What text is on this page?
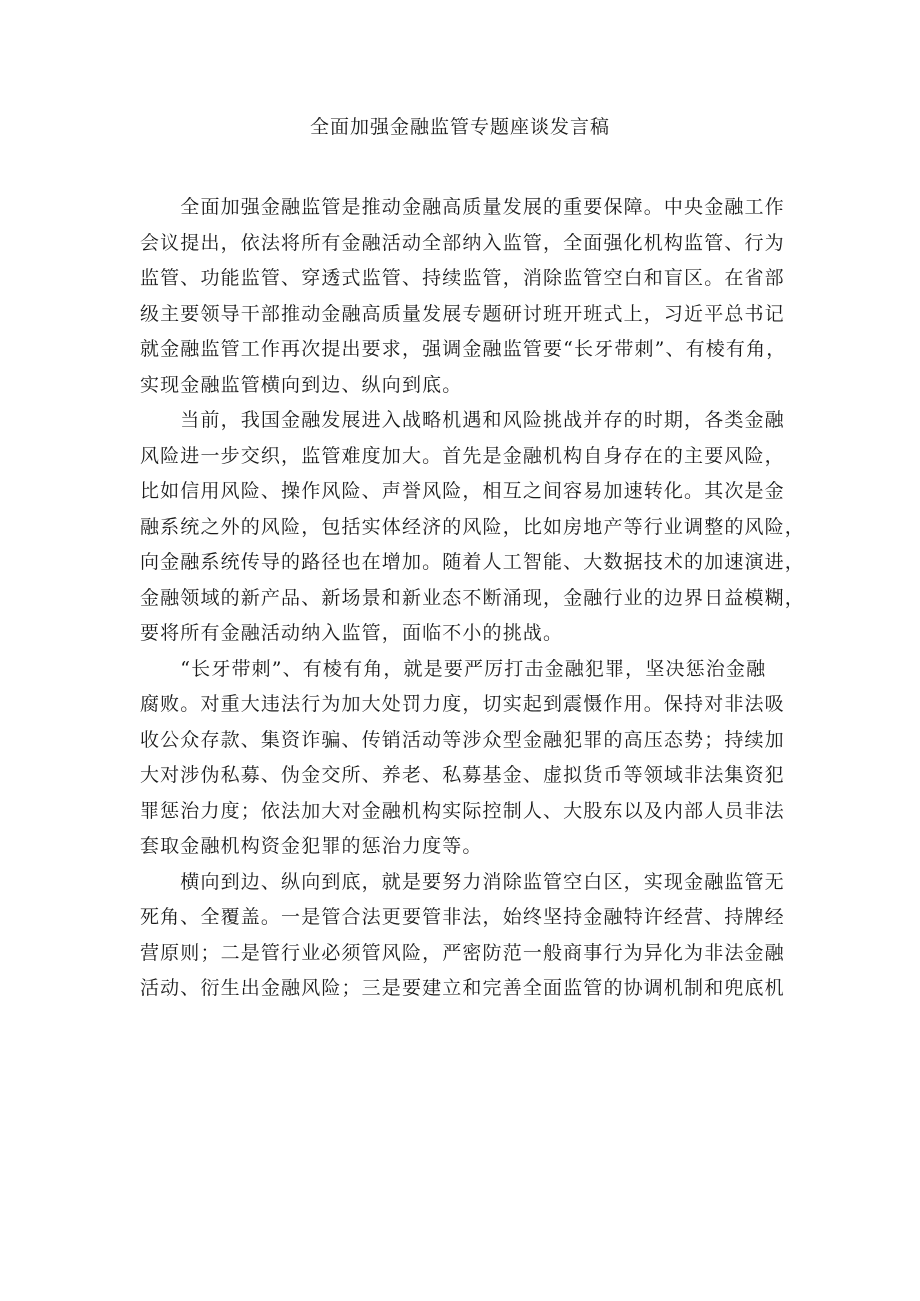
全面加强金融监管专题座谈发言稿

　　全面加强金融监管是推动金融高质量发展的重要保障。中央金融工作
会议提出，依法将所有金融活动全部纳入监管，全面强化机构监管、行为
监管、功能监管、穿透式监管、持续监管，消除监管空白和盲区。在省部
级主要领导干部推动金融高质量发展专题研讨班开班式上，习近平总书记
就金融监管工作再次提出要求，强调金融监管要“长牙带刺”、有棱有角，
实现金融监管横向到边、纵向到底。

　　当前，我国金融发展进入战略机遇和风险挑战并存的时期，各类金融
风险进一步交织，监管难度加大。首先是金融机构自身存在的主要风险，
比如信用风险、操作风险、声誉风险，相互之间容易加速转化。其次是金
融系统之外的风险，包括实体经济的风险，比如房地产等行业调整的风险，
向金融系统传导的路径也在增加。随着人工智能、大数据技术的加速演进，
金融领域的新产品、新场景和新业态不断涌现，金融行业的边界日益模糊，
要将所有金融活动纳入监管，面临不小的挑战。

　　“长牙带刺”、有棱有角，就是要严厉打击金融犯罪，坚决惩治金融
腐败。对重大违法行为加大处罚力度，切实起到震慑作用。保持对非法吸
收公众存款、集资诈骗、传销活动等涉众型金融犯罪的高压态势；持续加
大对涉伪私募、伪金交所、养老、私募基金、虚拟货币等领域非法集资犯
罪惩治力度；依法加大对金融机构实际控制人、大股东以及内部人员非法
套取金融机构资金犯罪的惩治力度等。

　　横向到边、纵向到底，就是要努力消除监管空白区，实现金融监管无
死角、全覆盖。一是管合法更要管非法，始终坚持金融特许经营、持牌经
营原则；二是管行业必须管风险，严密防范一般商事行为异化为非法金融
活动、衍生出金融风险；三是要建立和完善全面监管的协调机制和兜底机
